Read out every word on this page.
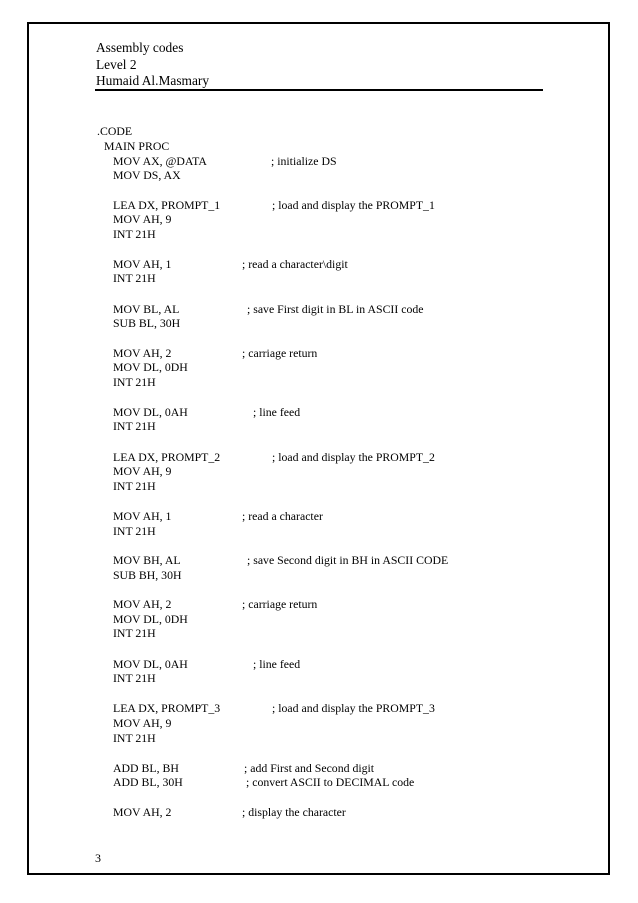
Assembly codes
Level 2
Humaid Al.Masmary
.CODE
MAIN PROC
MOV AX, @DATA	; initialize DS
MOV DS, AX
LEA DX, PROMPT_1	; load and display the PROMPT_1
MOV AH, 9
INT 21H
MOV AH, 1	; read a character\digit
INT 21H
MOV BL, AL	; save First digit in BL in ASCII code
SUB BL, 30H
MOV AH, 2	; carriage return
MOV DL, 0DH
INT 21H
MOV DL, 0AH	; line feed
INT 21H
LEA DX, PROMPT_2	; load and display the PROMPT_2
MOV AH, 9
INT 21H
MOV AH, 1	; read a character
INT 21H
MOV BH, AL	; save Second digit in BH in ASCII CODE
SUB BH, 30H
MOV AH, 2	; carriage return
MOV DL, 0DH
INT 21H
MOV DL, 0AH	; line feed
INT 21H
LEA DX, PROMPT_3	; load and display the PROMPT_3
MOV AH, 9
INT 21H
ADD BL, BH	; add First and Second digit
ADD BL, 30H	; convert ASCII to DECIMAL code
MOV AH, 2	; display the character
3
